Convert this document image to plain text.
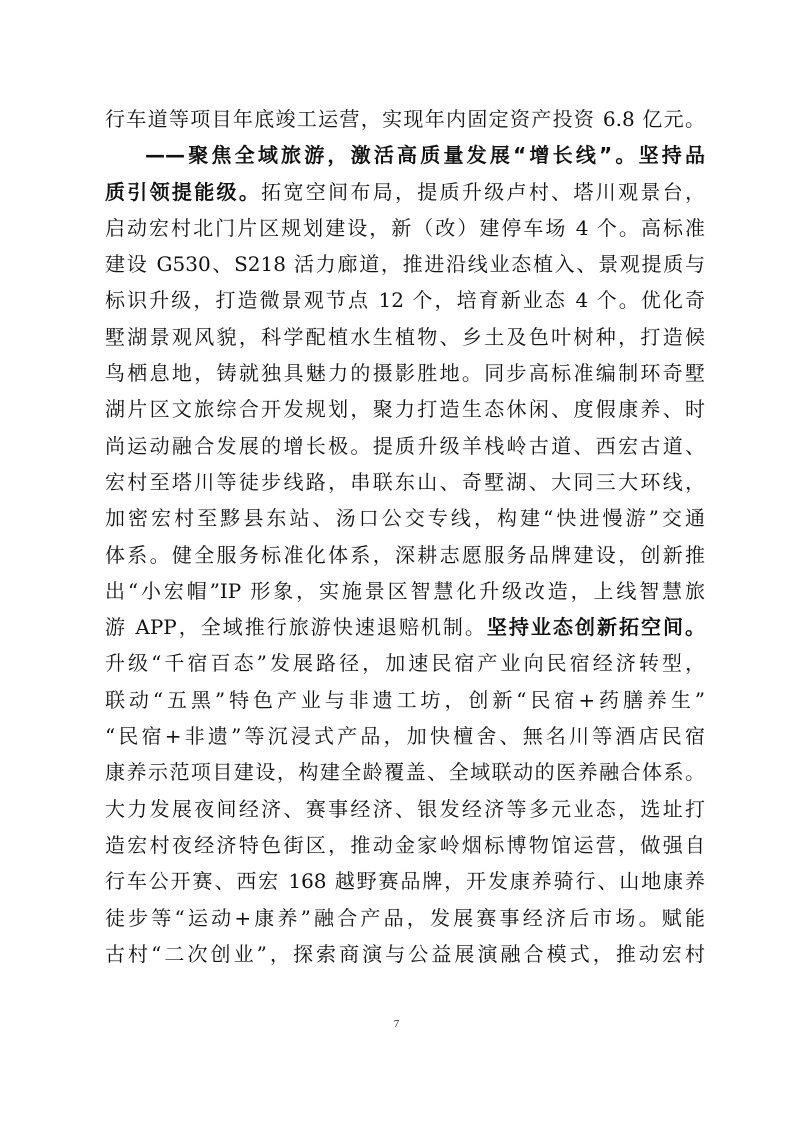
行车道等项目年底竣工运营，实现年内固定资产投资 6.8 亿元。
——聚焦全域旅游，激活高质量发展“增长线”。坚持品
质引领提能级。拓宽空间布局，提质升级卢村、塔川观景台，
启动宏村北门片区规划建设，新（改）建停车场 4 个。高标准
建设 G530、S218 活力廊道，推进沿线业态植入、景观提质与
标识升级，打造微景观节点 12 个，培育新业态 4 个。优化奇
墅湖景观风貌，科学配植水生植物、乡土及色叶树种，打造候
鸟栖息地，铸就独具魅力的摄影胜地。同步高标准编制环奇墅
湖片区文旅综合开发规划，聚力打造生态休闲、度假康养、时
尚运动融合发展的增长极。提质升级羊栈岭古道、西宏古道、
宏村至塔川等徒步线路，串联东山、奇墅湖、大同三大环线，
加密宏村至黟县东站、汤口公交专线，构建“快进慢游”交通
体系。健全服务标准化体系，深耕志愿服务品牌建设，创新推
出“小宏帽”IP 形象，实施景区智慧化升级改造，上线智慧旅
游 APP，全域推行旅游快速退赔机制。坚持业态创新拓空间。
升级“千宿百态”发展路径，加速民宿产业向民宿经济转型，
联动“五黑”特色产业与非遗工坊，创新“民宿+药膳养生”
“民宿+非遗”等沉浸式产品，加快檀舍、無名川等酒店民宿
康养示范项目建设，构建全龄覆盖、全域联动的医养融合体系。
大力发展夜间经济、赛事经济、银发经济等多元业态，选址打
造宏村夜经济特色街区，推动金家岭烟标博物馆运营，做强自
行车公开赛、西宏 168 越野赛品牌，开发康养骑行、山地康养
徒步等“运动+康养”融合产品，发展赛事经济后市场。赋能
古村“二次创业”，探索商演与公益展演融合模式，推动宏村
7
